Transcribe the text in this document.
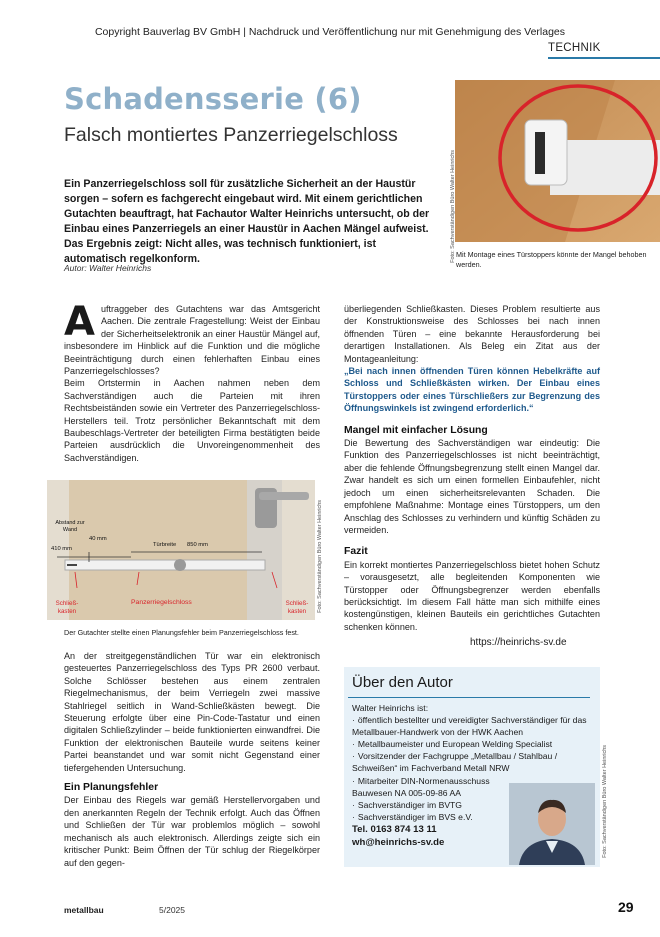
Copyright Bauverlag BV GmbH | Nachdruck und Veröffentlichung nur mit Genehmigung des Verlages
TECHNIK
Schadensserie (6)
Falsch montiertes Panzerriegelschloss
Ein Panzerriegelschloss soll für zusätzliche Sicherheit an der Haustür sorgen – sofern es fachgerecht eingebaut wird. Mit einem gerichtlichen Gutachten beauftragt, hat Fachautor Walter Heinrichs untersucht, ob der Einbau eines Panzerriegels an einer Haustür in Aachen Mängel aufweist. Das Ergebnis zeigt: Nicht alles, was technisch funktioniert, ist automatisch regelkonform.
Autor: Walter Heinrichs
Foto: Sachverständigen Büro Walter Heinrichs Mit Montage eines Türstoppers könnte der Mangel behoben werden.
A uftraggeber des Gutachtens war das Amtsgericht Aachen. Die zentrale Fragestellung: Weist der Einbau der Sicherheitselektronik an einer Haustür Mängel auf, insbesondere im Hinblick auf die Funktion und die mögliche Beeinträchtigung durch einen fehlerhaften Einbau eines Panzerriegelschlosses?

Beim Ortstermin in Aachen nahmen neben dem Sachverständigen auch die Parteien mit ihren Rechtsbeiständen sowie ein Vertreter des Panzerriegelschloss-Herstellers teil. Trotz persönlicher Bekanntschaft mit dem Baubeschlags-Vertreter der beteiligten Firma bestätigten beide Parteien ausdrücklich die Unvoreingenommenheit des Sachverständigen.

Abstand zur Wand
410 mm
40 mm
Türbreite 850 mm
Schließ-kasten
Panzerriegelschloss	Schließ-kasten	Foto: Sachverständigen Büro Walter Heinrichs
Der Gutachter stellte einen Planungsfehler beim Panzerriegelschloss fest.

An der streitgegenständlichen Tür war ein elektronisch gesteuertes Panzerriegelschloss des Typs PR 2600 verbaut. Solche Schlösser bestehen aus einem zentralen Riegelmechanismus, der beim Verriegeln zwei massive Stahlriegel seitlich in Wand-Schließkästen bewegt. Die Steuerung erfolgte über eine Pin-Code-Tastatur und einen digitalen Schließzylinder – beide funktionierten einwandfrei. Die Funktion der elektronischen Bauteile wurde seitens keiner Partei beanstandet und war somit nicht Gegenstand einer tiefergehenden Untersuchung.

Ein Planungsfehler

Der Einbau des Riegels war gemäß Herstellervorgaben und den anerkannten Regeln der Technik erfolgt. Auch das Öffnen und Schließen der Tür war problemlos möglich – sowohl mechanisch als auch elektronisch. Allerdings zeigte sich ein kritischer Punkt: Beim Öffnen der Tür schlug der Riegelkörper auf den gegen-

überliegenden Schließkasten. Dieses Problem resultierte aus der Konstruktionsweise des Schlosses bei nach innen öffnenden Türen – eine bekannte Herausforderung bei derartigen Installationen. Als Beleg ein Zitat aus der Montageanleitung:

„Bei nach innen öffnenden Türen können Hebelkräfte auf Schloss und Schließkästen wirken. Der Einbau eines Türstoppers oder eines Türschließers zur Begrenzung des Öffnungswinkels ist zwingend erforderlich.“

Mangel mit einfacher Lösung

Die Bewertung des Sachverständigen war eindeutig: Die Funktion des Panzerriegelschlosses ist nicht beeinträchtigt, aber die fehlende Öffnungsbegrenzung stellt einen Mangel dar. Zwar handelt es sich um einen formellen Einbaufehler, nicht jedoch um einen sicherheitsrelevanten Schaden. Die empfohlene Maßnahme: Montage eines Türstoppers, um den Anschlag des Schlosses zu verhindern und künftig Schäden zu vermeiden.

Fazit

Ein korrekt montiertes Panzerriegelschloss bietet hohen Schutz – vorausgesetzt, alle begleitenden Komponenten wie Türstopper oder Öffnungsbegrenzer werden ebenfalls berücksichtigt. Im diesem Fall hätte man sich mithilfe eines kostengünstigen, kleinen Bauteils ein gerichtliches Gutachten schenken können.

https://heinrichs-sv.de
Über den Autor
Walter Heinrichs ist:
· öffentlich bestellter und vereidigter Sachverständiger für das Metallbauer-Handwerk von der HWK Aachen
· Metallbaumeister und European Welding Specialist
· Vorsitzender der Fachgruppe „Metallbau / Stahlbau / Schweißen“ im Fachverband Metall NRW
· Mitarbeiter DIN-Normenausschuss Bauwesen NA 005-09-86 AA
· Sachverständiger im BVTG
· Sachverständiger im BVS e.V.
Tel. 0163 874 13 11
wh@heinrichs-sv.de	Foto: Sachverständigen Büro Walter Heinrichs
metallbau	5/2025	29
